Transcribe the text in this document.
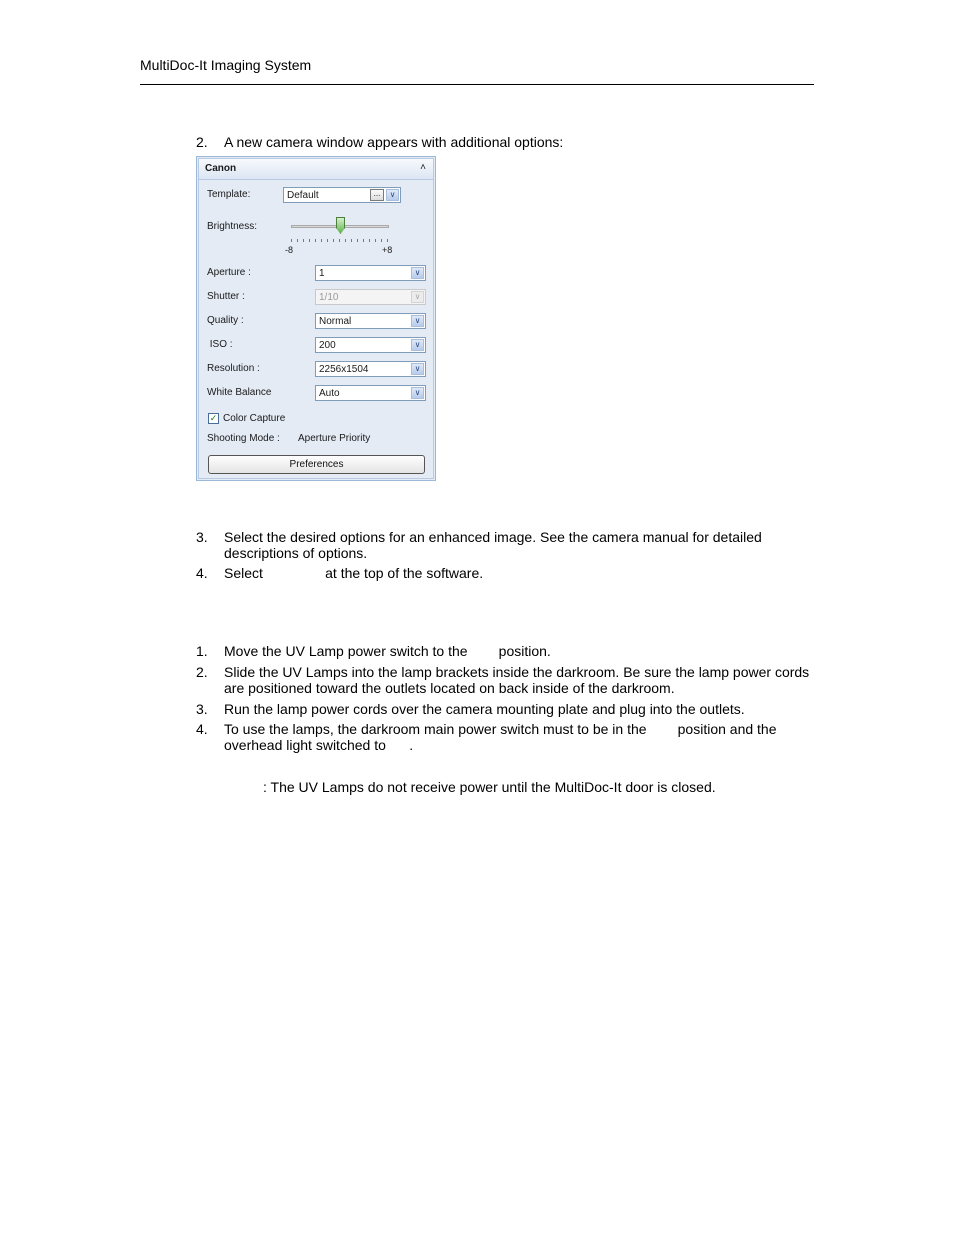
MultiDoc-It Imaging System
2.	A new camera window appears with additional options:
Canon	˄
Template:	Default	...	∨
Brightness:
-8	+8
Aperture :	1	∨
Shutter :	1/10	∨
Quality :	Normal	∨
ISO :	200	∨
Resolution :	2256x1504	∨
White Balance	Auto	∨
✓ Color Capture
Shooting Mode : Aperture Priority
Preferences
3.	Select the desired options for an enhanced image. See the camera manual for detailed
descriptions of options.
4.	Select                at the top of the software.
1.	Move the UV Lamp power switch to the        position.
2.	Slide the UV Lamps into the lamp brackets inside the darkroom. Be sure the lamp power cords
are positioned toward the outlets located on back inside of the darkroom.
3.	Run the lamp power cords over the camera mounting plate and plug into the outlets.
4.	To use the lamps, the darkroom main power switch must to be in the        position and the
overhead light switched to      .
: The UV Lamps do not receive power until the MultiDoc-It door is closed.
